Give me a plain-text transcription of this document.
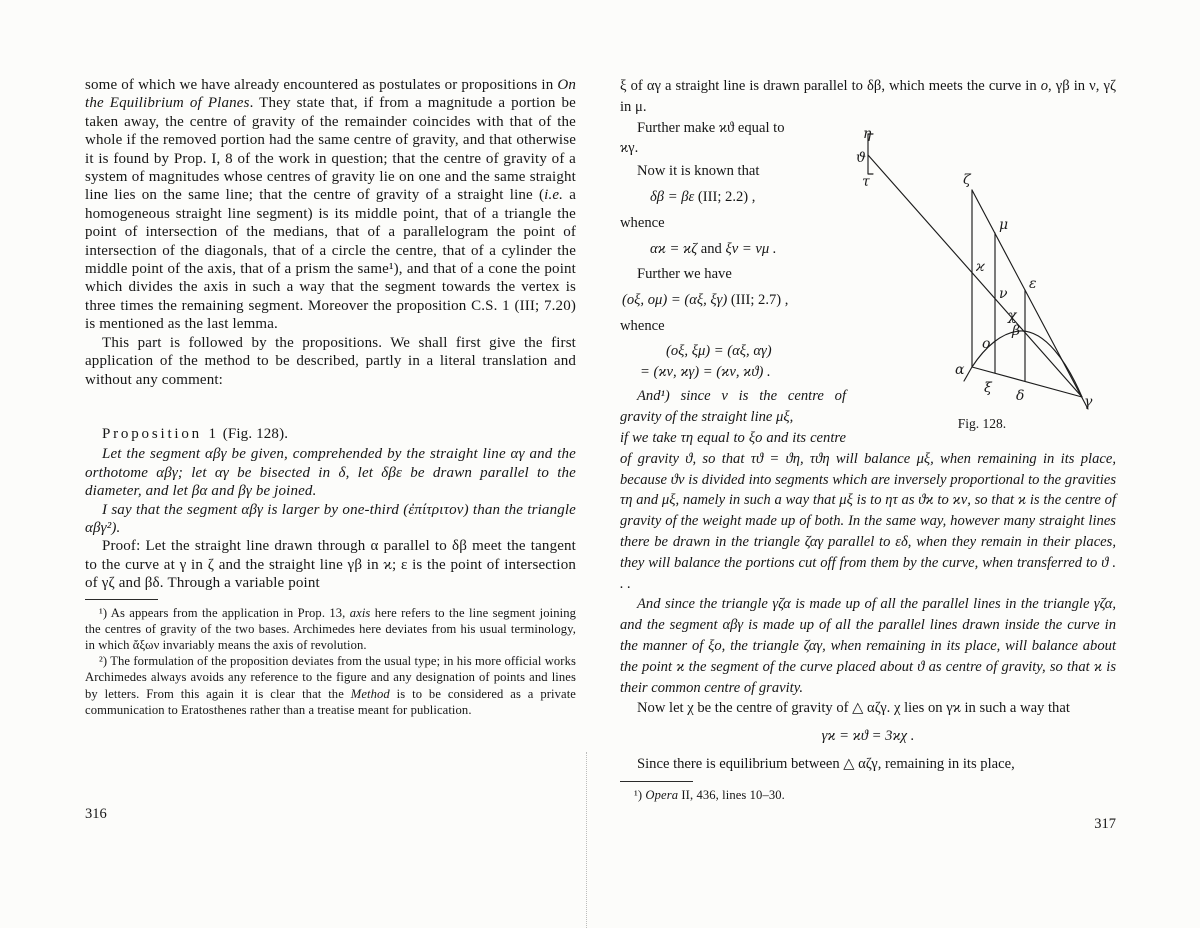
some of which we have already encountered as postulates or propositions in On the Equilibrium of Planes. They state that, if from a magnitude a portion be taken away, the centre of gravity of the remainder coincides with that of the whole if the removed portion had the same centre of gravity, and that otherwise it is found by Prop. I, 8 of the work in question; that the centre of gravity of a system of magnitudes whose centres of gravity lie on one and the same straight line lies on the same line; that the centre of gravity of a straight line (i.e. a homogeneous straight line segment) is its middle point, that of a triangle the point of intersection of the medians, that of a parallelogram the point of intersection of the diagonals, that of a circle the centre, that of a cylinder the middle point of the axis, that of a prism the same¹), and that of a cone the point which divides the axis in such a way that the segment towards the vertex is three times the remaining segment. Moreover the proposition C.S. 1 (III; 7.20) is mentioned as the last lemma.

This part is followed by the propositions. We shall first give the first application of the method to be described, partly in a literal translation and without any comment:

Proposition 1 (Fig. 128).

Let the segment αβγ be given, comprehended by the straight line αγ and the orthotome αβγ; let αγ be bisected in δ, let δβε be drawn parallel to the diameter, and let βα and βγ be joined.

I say that the segment αβγ is larger by one-third (ἐπίτριτον) than the triangle αβγ²).

Proof: Let the straight line drawn through α parallel to δβ meet the tangent to the curve at γ in ζ and the straight line γβ in ϰ; ε is the point of intersection of γζ and βδ. Through a variable point

¹) As appears from the application in Prop. 13, axis here refers to the line segment joining the centres of gravity of the two bases. Archimedes here deviates from his usual terminology, in which ἄξων invariably means the axis of revolution.

²) The formulation of the proposition deviates from the usual type; in his more official works Archimedes always avoids any reference to the figure and any designation of points and lines by letters. From this again it is clear that the Method is to be considered as a private communication to Eratosthenes rather than a treatise meant for publication.

ξ of αγ a straight line is drawn parallel to δβ, which meets the curve in o, γβ in ν, γζ in μ.

η
ϑ
τ	ζ
μ
ϰ
ν
χ
ε
o
β
α
ξ δ	γ
Fig. 128.

Further make ϰϑ equal to
ϰγ.

Now it is known that

δβ = βε (III; 2.2) ,

whence

αϰ = ϰζ and ξν = νμ .

Further we have

(oξ, oμ) = (αξ, ξγ) (III; 2.7) ,

whence

(oξ, ξμ) = (αξ, αγ)
= (ϰν, ϰγ) = (ϰν, ϰϑ) .

And¹) since ν is the centre of gravity of the straight line μξ,

if we take τη equal to ξo and its centre of gravity ϑ, so that τϑ = ϑη, τϑη will balance μξ, when remaining in its place, because ϑν is divided into segments which are inversely proportional to the gravities τη and μξ, namely in such a way that μξ is to ητ as ϑϰ to ϰν, so that ϰ is the centre of gravity of the weight made up of both. In the same way, however many straight lines there be drawn in the triangle ζαγ parallel to εδ, when they remain in their places, they will balance the portions cut off from them by the curve, when transferred to ϑ . . .

And since the triangle γζα is made up of all the parallel lines in the triangle γζα, and the segment αβγ is made up of all the parallel lines drawn inside the curve in the manner of ξo, the triangle ζαγ, when remaining in its place, will balance about the point ϰ the segment of the curve placed about ϑ as centre of gravity, so that ϰ is their common centre of gravity.

Now let χ be the centre of gravity of △ αζγ. χ lies on γϰ in such a way that

γϰ = ϰϑ = 3ϰχ .

Since there is equilibrium between △ αζγ, remaining in its place,

¹) Opera II, 436, lines 10–30.

316
317
